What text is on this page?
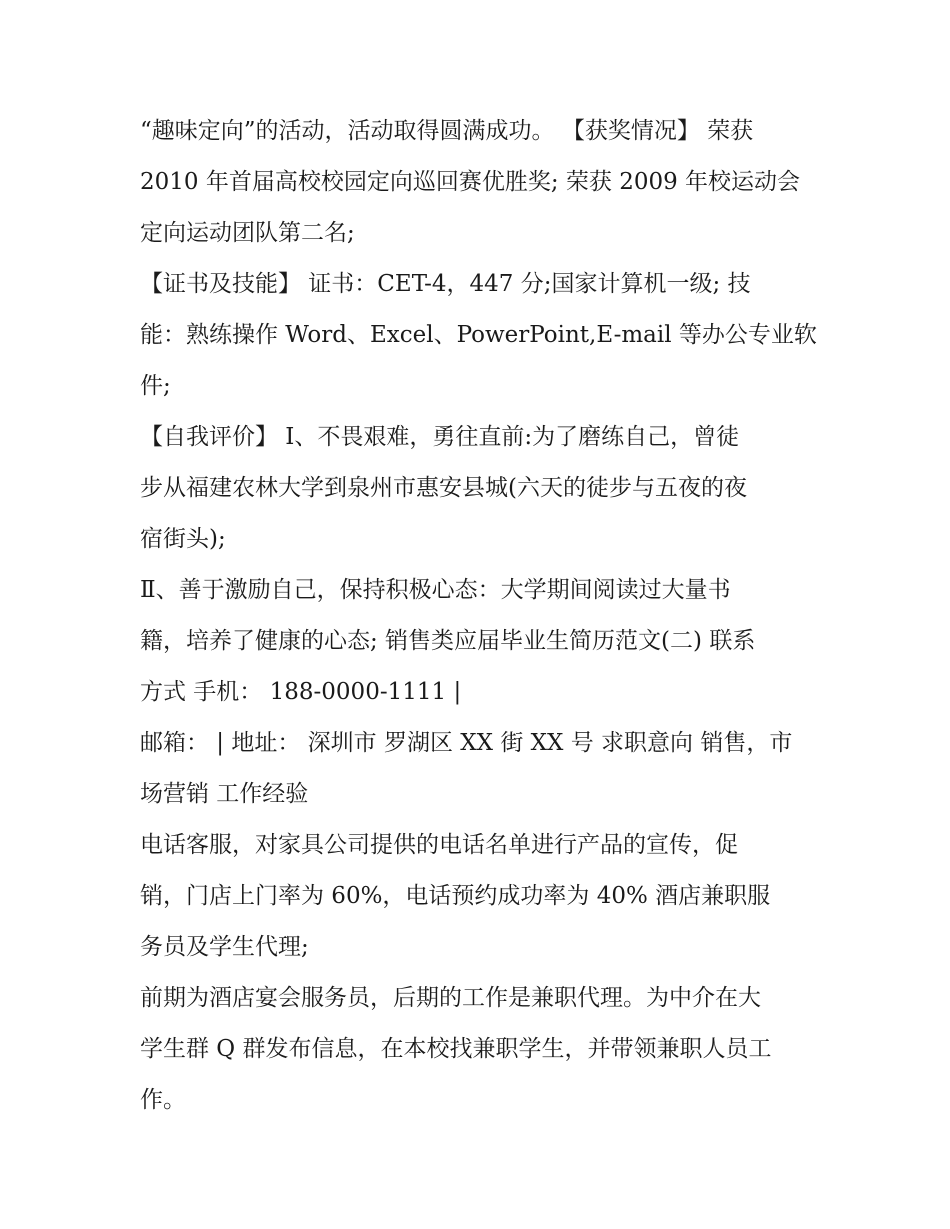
“趣味定向”的活动，活动取得圆满成功。 【获奖情况】 荣获
2010 年首届高校校园定向巡回赛优胜奖; 荣获 2009 年校运动会
定向运动团队第二名;
【证书及技能】 证书：CET-4，447 分;国家计算机一级; 技
能：熟练操作 Word、Excel、PowerPoint,E-mail 等办公专业软
件;
【自我评价】 Ⅰ、不畏艰难，勇往直前:为了磨练自己，曾徒
步从福建农林大学到泉州市惠安县城(六天的徒步与五夜的夜
宿街头);
Ⅱ、善于激励自己，保持积极心态：大学期间阅读过大量书
籍，培养了健康的心态; 销售类应届毕业生简历范文(二) 联系
方式 手机： 188-0000-1111 |
邮箱： | 地址： 深圳市 罗湖区 XX 街 XX 号 求职意向 销售，市
场营销 工作经验
电话客服，对家具公司提供的电话名单进行产品的宣传，促
销，门店上门率为 60%，电话预约成功率为 40% 酒店兼职服
务员及学生代理;
前期为酒店宴会服务员，后期的工作是兼职代理。为中介在大
学生群 Q 群发布信息，在本校找兼职学生，并带领兼职人员工
作。
